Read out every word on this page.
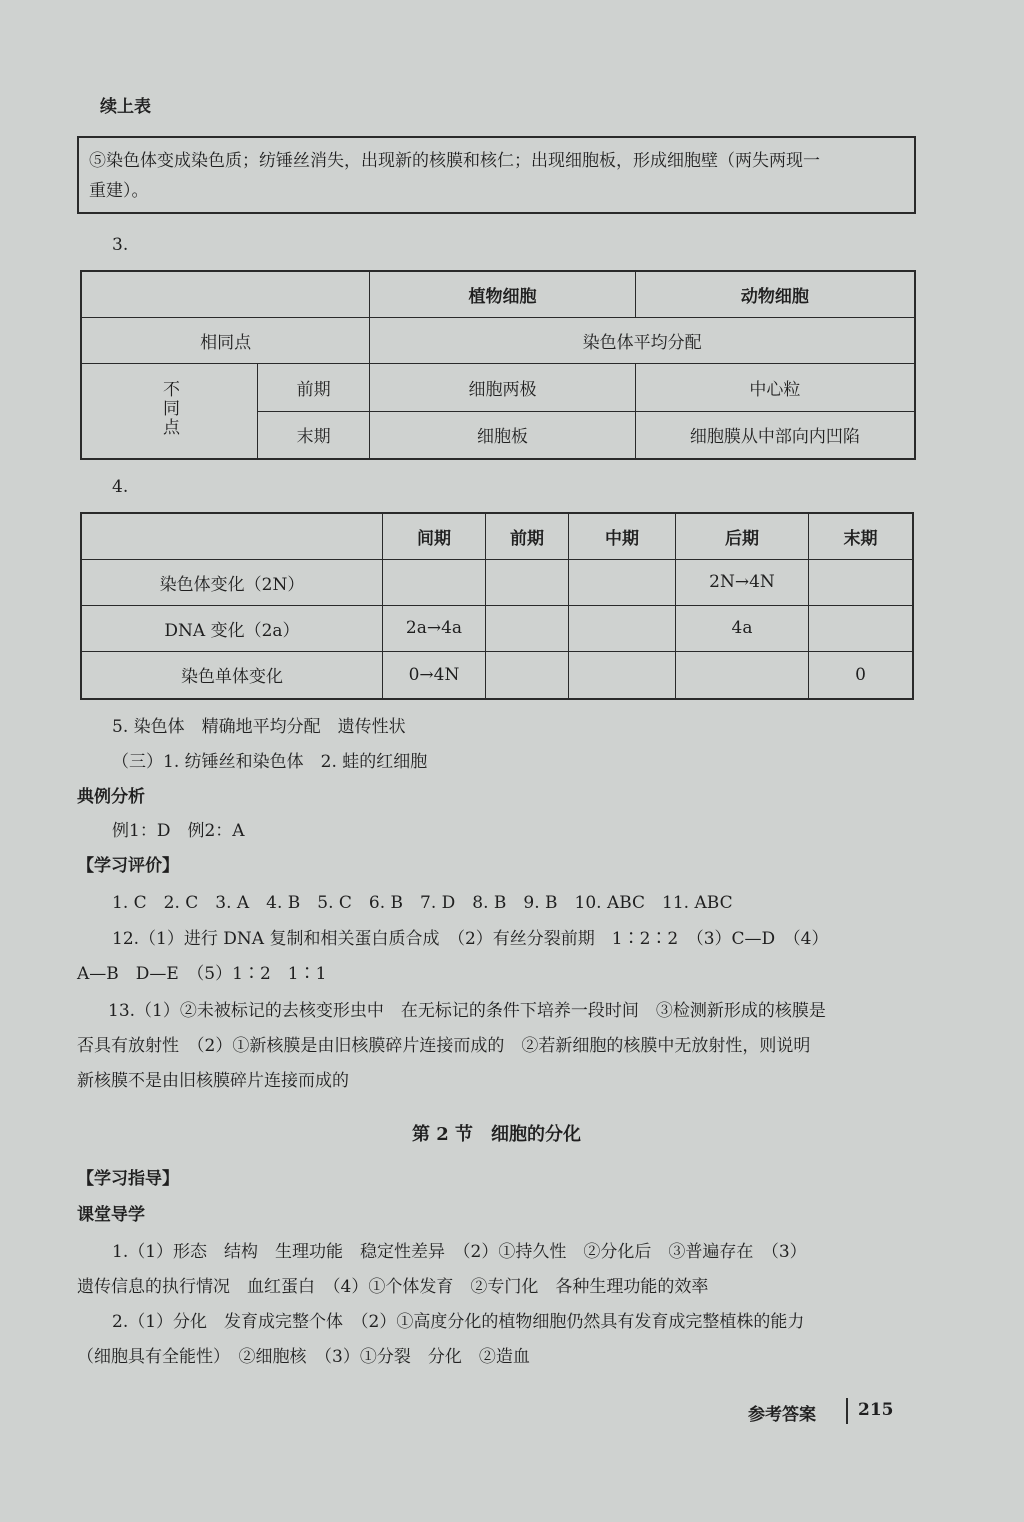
续上表
⑤染色体变成染色质；纺锤丝消失，出现新的核膜和核仁；出现细胞板，形成细胞壁（两失两现一
重建）。
3.
		植物细胞	动物细胞
相同点		染色体平均分配	
不同点	前期	细胞两极	中心粒
	末期	细胞板	细胞膜从中部向内凹陷
4.
	间期	前期	中期	后期	末期
染色体变化（2N）				2N→4N	
DNA 变化（2a）	2a→4a			4a	
染色单体变化	0→4N				0
5. 染色体　精确地平均分配　遗传性状
（三）1. 纺锤丝和染色体　2. 蛙的红细胞
典例分析
例1：D　例2：A
【学习评价】
1. C　2. C　3. A　4. B　5. C　6. B　7. D　8. B　9. B　10. ABC　11. ABC
12.（1）进行 DNA 复制和相关蛋白质合成　（2）有丝分裂前期　1∶2∶2　（3）C—D　（4）
A—B　D—E　（5）1∶2　1∶1
13.（1）②未被标记的去核变形虫中　在无标记的条件下培养一段时间　③检测新形成的核膜是
否具有放射性　（2）①新核膜是由旧核膜碎片连接而成的　②若新细胞的核膜中无放射性，则说明
新核膜不是由旧核膜碎片连接而成的
第 2 节　细胞的分化
【学习指导】
课堂导学
1.（1）形态　结构　生理功能　稳定性差异　（2）①持久性　②分化后　③普遍存在　（3）
遗传信息的执行情况　血红蛋白　（4）①个体发育　②专门化　各种生理功能的效率
2.（1）分化　发育成完整个体　（2）①高度分化的植物细胞仍然具有发育成完整植株的能力
（细胞具有全能性）　②细胞核　（3）①分裂　分化　②造血
参考答案 215
